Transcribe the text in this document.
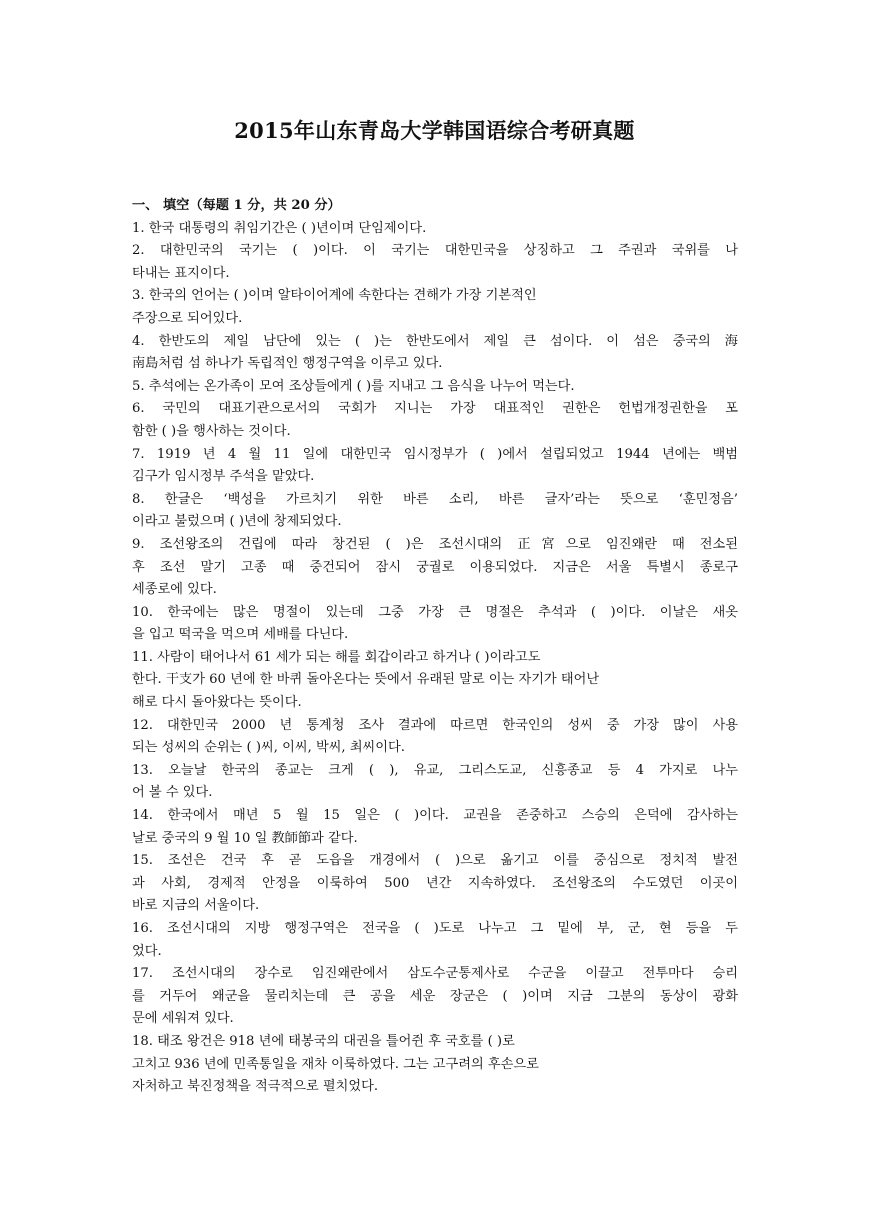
2015年山东青岛大学韩国语综合考研真题
一、 填空（每题 1 分，共 20 分）
1. 한국 대통령의 취임기간은 ( )년이며 단임제이다.
2. 대한민국의 국기는 ( )이다. 이 국기는 대한민국을 상징하고 그 주권과 국위를 나
타내는 표지이다.
3. 한국의 언어는 ( )이며 알타이어계에 속한다는 견해가 가장 기본적인
주장으로 되어있다.
4. 한반도의 제일 남단에 있는 ( )는 한반도에서 제일 큰 섬이다. 이 섬은 중국의 海
南島처럼 섬 하나가 독립적인 행정구역을 이루고 있다.
5. 추석에는 온가족이 모여 조상들에게 ( )를 지내고 그 음식을 나누어 먹는다.
6. 국민의 대표기관으로서의 국회가 지니는 가장 대표적인 권한은 헌법개정권한을 포
함한 ( )을 행사하는 것이다.
7. 1919 년 4 월 11 일에 대한민국 임시정부가 ( )에서 설립되었고 1944 년에는 백범
김구가 임시정부 주석을 맡았다.
8. 한글은 ‘백성을 가르치기 위한 바른 소리, 바른 글자’라는 뜻으로 ‘훈민정음’
이라고 불렀으며 ( )년에 창제되었다.
9. 조선왕조의 건립에 따라 창건된 ( )은 조선시대의 正宮으로 임진왜란 때 전소된
후 조선 말기 고종 때 중건되어 잠시 궁궐로 이용되었다. 지금은 서울 특별시 종로구
세종로에 있다.
10. 한국에는 많은 명절이 있는데 그중 가장 큰 명절은 추석과 ( )이다. 이날은 새옷
을 입고 떡국을 먹으며 세배를 다닌다.
11. 사람이 태어나서 61 세가 되는 해를 회갑이라고 하거나 ( )이라고도
한다. 干支가 60 년에 한 바퀴 돌아온다는 뜻에서 유래된 말로 이는 자기가 태어난
해로 다시 돌아왔다는 뜻이다.
12. 대한민국 2000 년 통계청 조사 결과에 따르면 한국인의 성씨 중 가장 많이 사용
되는 성씨의 순위는 ( )씨, 이씨, 박씨, 최씨이다.
13. 오늘날 한국의 종교는 크게 ( ), 유교, 그리스도교, 신흥종교 등 4 가지로 나누
어 볼 수 있다.
14. 한국에서 매년 5 월 15 일은 ( )이다. 교권을 존중하고 스승의 은덕에 감사하는
날로 중국의 9 월 10 일 教師節과 같다.
15. 조선은 건국 후 곧 도읍을 개경에서 ( )으로 옮기고 이를 중심으로 정치적 발전
과 사회, 경제적 안정을 이룩하여 500 년간 지속하였다. 조선왕조의 수도였던 이곳이
바로 지금의 서울이다.
16. 조선시대의 지방 행정구역은 전국을 ( )도로 나누고 그 밑에 부, 군, 현 등을 두
었다.
17. 조선시대의 장수로 임진왜란에서 삼도수군통제사로 수군을 이끌고 전투마다 승리
를 거두어 왜군을 물리치는데 큰 공을 세운 장군은 ( )이며 지금 그분의 동상이 광화
문에 세워져 있다.
18. 태조 왕건은 918 년에 태봉국의 대권을 틀어쥔 후 국호를 ( )로
고치고 936 년에 민족통일을 재차 이룩하였다. 그는 고구려의 후손으로
자처하고 북진정책을 적극적으로 펼치었다.
